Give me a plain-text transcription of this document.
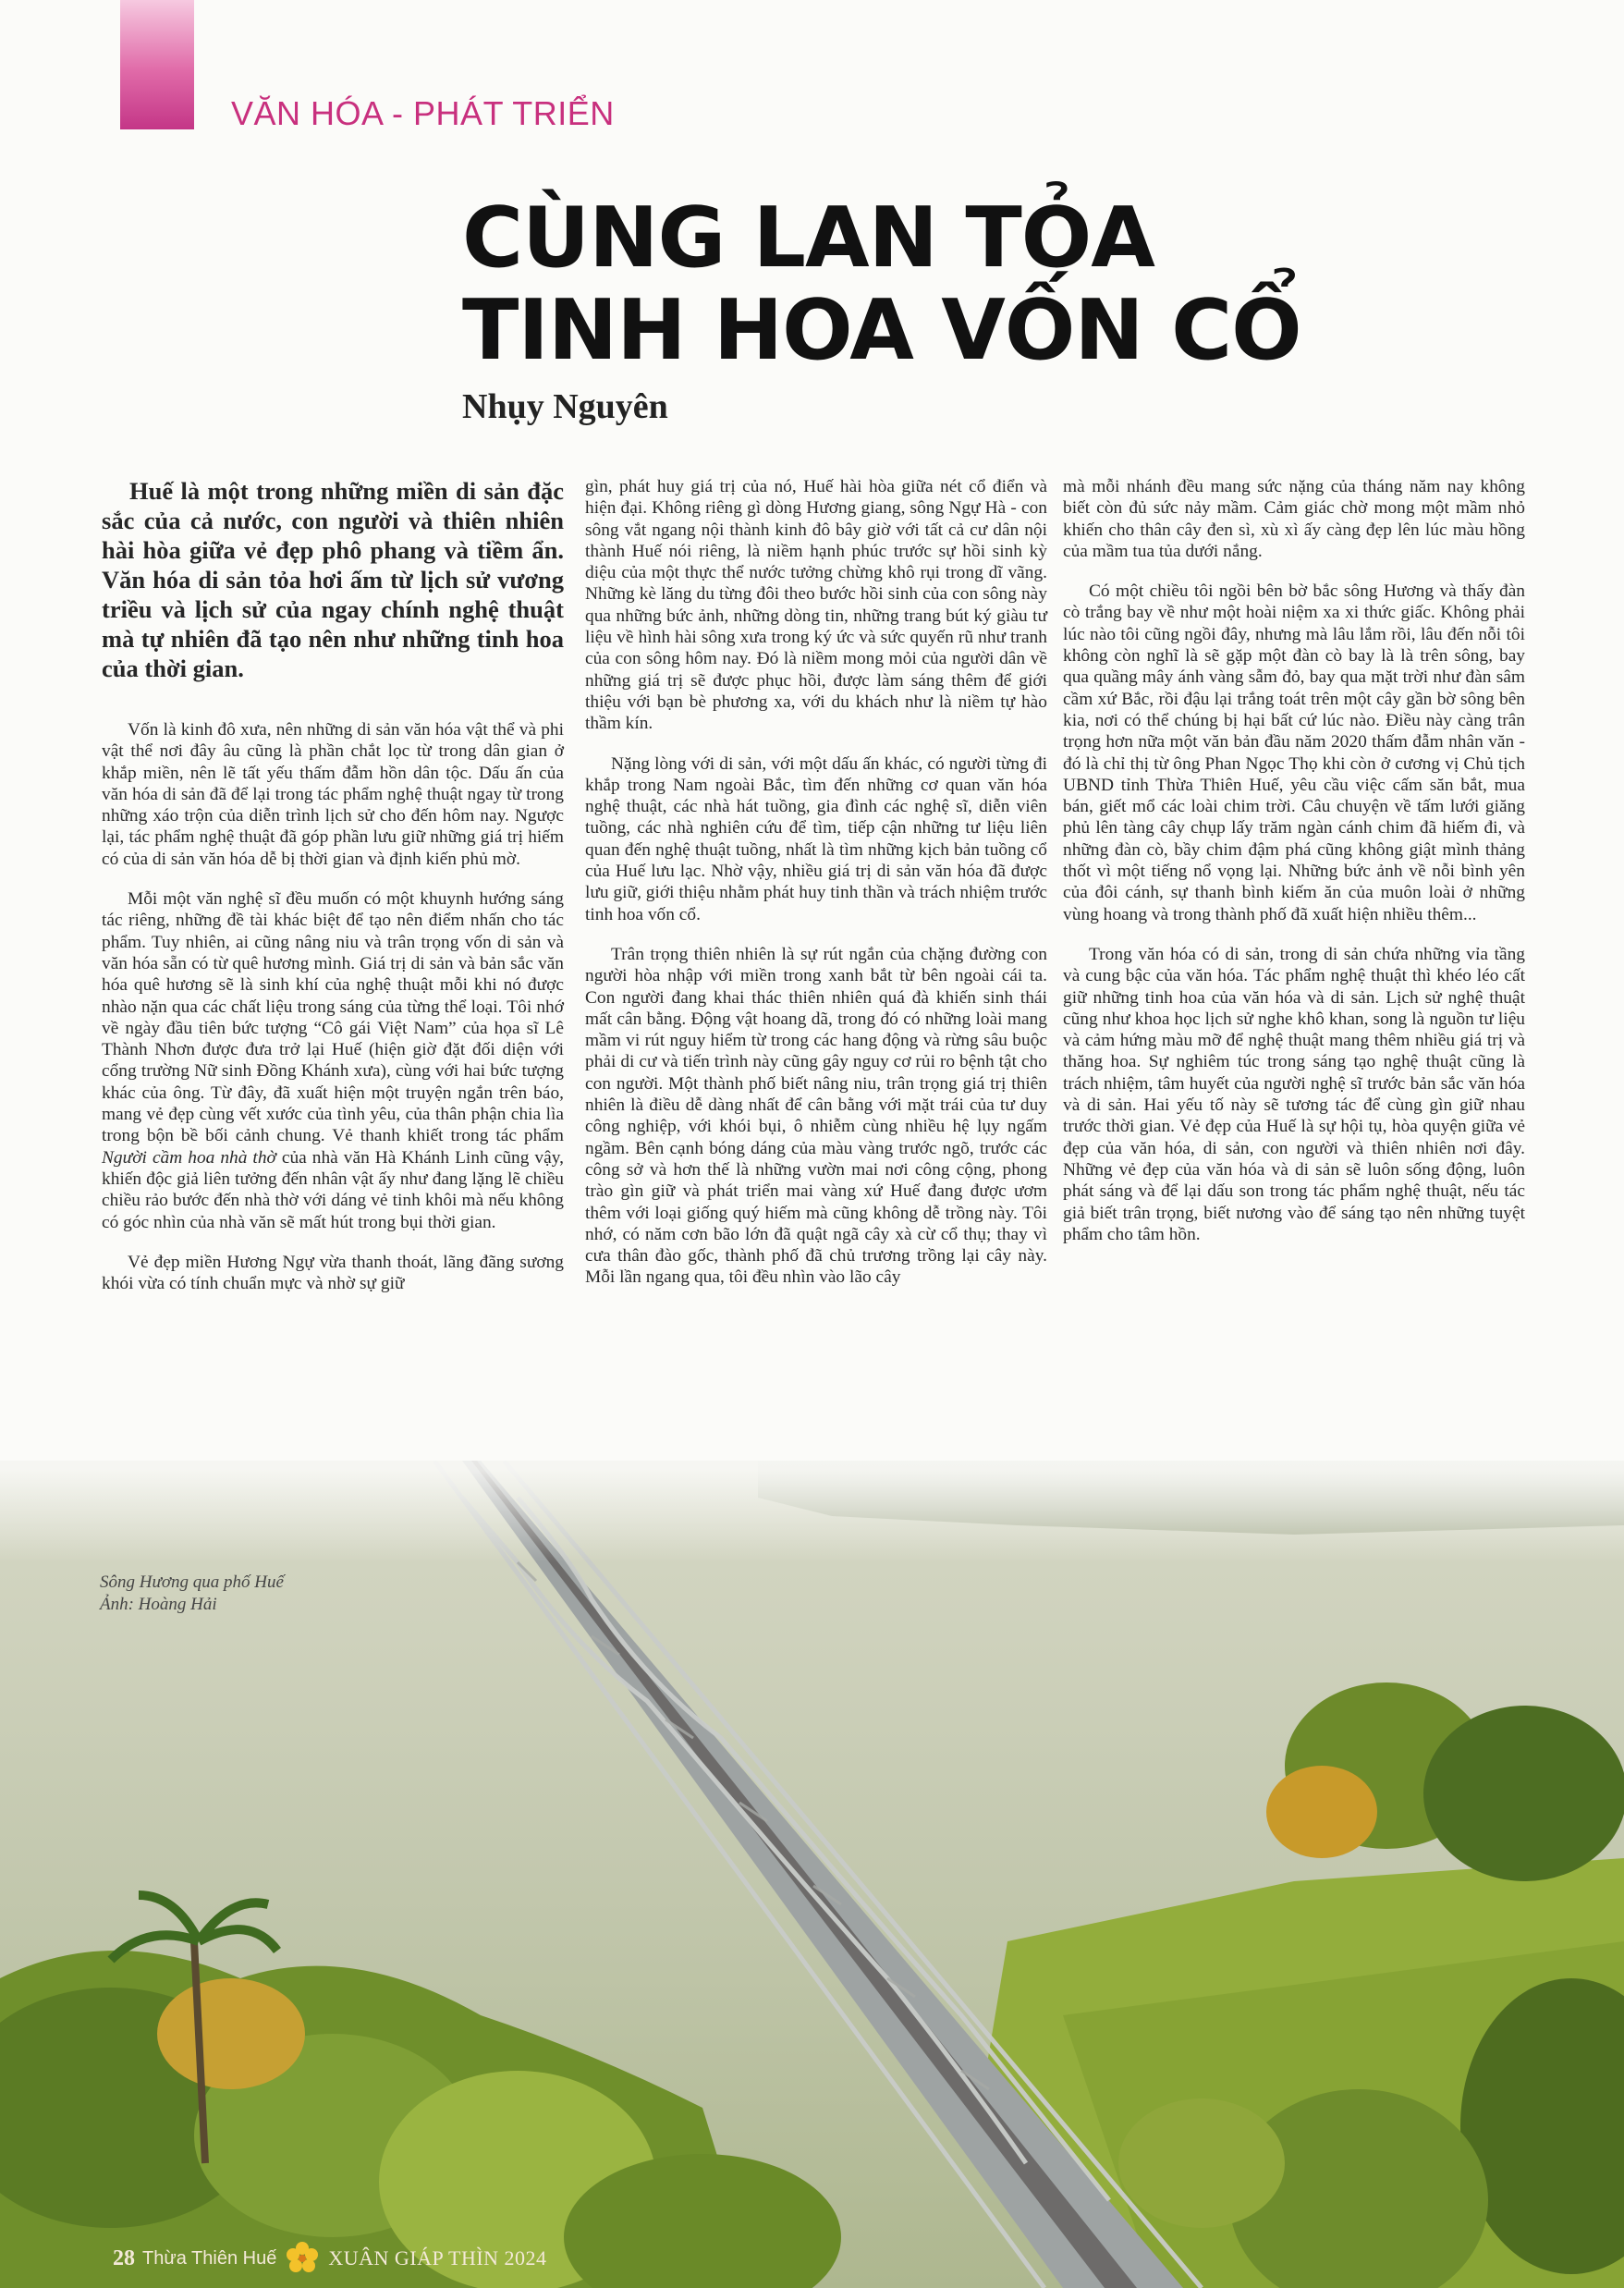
VĂN HÓA - PHÁT TRIỂN
CÙNG LAN TỎA
TINH HOA VỐN CỔ
Nhụy Nguyên

Huế là một trong những miền di sản đặc sắc của cả nước, con người và thiên nhiên hài hòa giữa vẻ đẹp phô phang và tiềm ẩn. Văn hóa di sản tỏa hơi ấm từ lịch sử vương triều và lịch sử của ngay chính nghệ thuật mà tự nhiên đã tạo nên như những tinh hoa của thời gian.

Vốn là kinh đô xưa, nên những di sản văn hóa vật thể và phi vật thể nơi đây âu cũng là phần chắt lọc từ trong dân gian ở khắp miền, nên lẽ tất yếu thấm đẫm hồn dân tộc. Dấu ấn của văn hóa di sản đã để lại trong tác phẩm nghệ thuật ngay từ trong những xáo trộn của diễn trình lịch sử cho đến hôm nay. Ngược lại, tác phẩm nghệ thuật đã góp phần lưu giữ những giá trị hiếm có của di sản văn hóa dễ bị thời gian và định kiến phủ mờ.

Mỗi một văn nghệ sĩ đều muốn có một khuynh hướng sáng tác riêng, những đề tài khác biệt để tạo nên điểm nhấn cho tác phẩm. Tuy nhiên, ai cũng nâng niu và trân trọng vốn di sản và văn hóa sẵn có từ quê hương mình. Giá trị di sản và bản sắc văn hóa quê hương sẽ là sinh khí của nghệ thuật mỗi khi nó được nhào nặn qua các chất liệu trong sáng của từng thể loại. Tôi nhớ về ngày đầu tiên bức tượng “Cô gái Việt Nam” của họa sĩ Lê Thành Nhơn được đưa trở lại Huế (hiện giờ đặt đối diện với cổng trường Nữ sinh Đồng Khánh xưa), cùng với hai bức tượng khác của ông. Từ đây, đã xuất hiện một truyện ngắn trên báo, mang vẻ đẹp cùng vết xước của tình yêu, của thân phận chia lìa trong bộn bề bối cảnh chung. Vẻ thanh khiết trong tác phẩm Người cầm hoa nhà thờ của nhà văn Hà Khánh Linh cũng vậy, khiến độc giả liên tưởng đến nhân vật ấy như đang lặng lẽ chiều chiều rảo bước đến nhà thờ với dáng vẻ tinh khôi mà nếu không có góc nhìn của nhà văn sẽ mất hút trong bụi thời gian.

Vẻ đẹp miền Hương Ngự vừa thanh thoát, lãng đãng sương khói vừa có tính chuẩn mực và nhờ sự giữ

gìn, phát huy giá trị của nó, Huế hài hòa giữa nét cổ điển và hiện đại. Không riêng gì dòng Hương giang, sông Ngự Hà - con sông vắt ngang nội thành kinh đô bây giờ với tất cả cư dân nội thành Huế nói riêng, là niềm hạnh phúc trước sự hồi sinh kỳ diệu của một thực thể nước tưởng chừng khô rụi trong dĩ vãng. Những kè lăng du từng đôi theo bước hồi sinh của con sông này qua những bức ảnh, những dòng tin, những trang bút ký giàu tư liệu về hình hài sông xưa trong ký ức và sức quyến rũ như tranh của con sông hôm nay. Đó là niềm mong mỏi của người dân về những giá trị sẽ được phục hồi, được làm sáng thêm để giới thiệu với bạn bè phương xa, với du khách như là niềm tự hào thầm kín.

Nặng lòng với di sản, với một dấu ấn khác, có người từng đi khắp trong Nam ngoài Bắc, tìm đến những cơ quan văn hóa nghệ thuật, các nhà hát tuồng, gia đình các nghệ sĩ, diễn viên tuồng, các nhà nghiên cứu để tìm, tiếp cận những tư liệu liên quan đến nghệ thuật tuồng, nhất là tìm những kịch bản tuồng cổ của Huế lưu lạc. Nhờ vậy, nhiều giá trị di sản văn hóa đã được lưu giữ, giới thiệu nhằm phát huy tinh thần và trách nhiệm trước tinh hoa vốn cổ.

Trân trọng thiên nhiên là sự rút ngắn của chặng đường con người hòa nhập với miền trong xanh bắt từ bên ngoài cái ta. Con người đang khai thác thiên nhiên quá đà khiến sinh thái mất cân bằng. Động vật hoang dã, trong đó có những loài mang mầm vi rút nguy hiểm từ trong các hang động và rừng sâu buộc phải di cư và tiến trình này cũng gây nguy cơ rủi ro bệnh tật cho con người. Một thành phố biết nâng niu, trân trọng giá trị thiên nhiên là điều dễ dàng nhất để cân bằng với mặt trái của tư duy công nghiệp, với khói bụi, ô nhiễm cùng nhiều hệ lụy ngấm ngầm. Bên cạnh bóng dáng của màu vàng trước ngõ, trước các công sở và hơn thế là những vườn mai nơi công cộng, phong trào gìn giữ và phát triển mai vàng xứ Huế đang được ươm thêm với loại giống quý hiếm mà cũng không dễ trồng này. Tôi nhớ, có năm cơn bão lớn đã quật ngã cây xà cừ cổ thụ; thay vì cưa thân đào gốc, thành phố đã chủ trương trồng lại cây này. Mỗi lần ngang qua, tôi đều nhìn vào lão cây

mà mỗi nhánh đều mang sức nặng của tháng năm nay không biết còn đủ sức nảy mầm. Cảm giác chờ mong một mầm nhỏ khiến cho thân cây đen sì, xù xì ấy càng đẹp lên lúc màu hồng của mầm tua tủa dưới nắng.

Có một chiều tôi ngồi bên bờ bắc sông Hương và thấy đàn cò trắng bay về như một hoài niệm xa xi thức giấc. Không phải lúc nào tôi cũng ngồi đây, nhưng mà lâu lắm rồi, lâu đến nỗi tôi không còn nghĩ là sẽ gặp một đàn cò bay là là trên sông, bay qua quầng mây ánh vàng sẫm đỏ, bay qua mặt trời như đàn sâm cầm xứ Bắc, rồi đậu lại trắng toát trên một cây gần bờ sông bên kia, nơi có thể chúng bị hại bất cứ lúc nào. Điều này càng trân trọng hơn nữa một văn bản đầu năm 2020 thấm đẫm nhân văn - đó là chỉ thị từ ông Phan Ngọc Thọ khi còn ở cương vị Chủ tịch UBND tỉnh Thừa Thiên Huế, yêu cầu việc cấm săn bắt, mua bán, giết mổ các loài chim trời. Câu chuyện về tấm lưới giăng phủ lên tàng cây chụp lấy trăm ngàn cánh chim đã hiếm đi, và những đàn cò, bầy chim đậm phá cũng không giật mình thảng thốt vì một tiếng nổ vọng lại. Những bức ảnh về nỗi bình yên của đôi cánh, sự thanh bình kiếm ăn của muôn loài ở những vùng hoang và trong thành phố đã xuất hiện nhiều thêm...

Trong văn hóa có di sản, trong di sản chứa những vỉa tầng và cung bậc của văn hóa. Tác phẩm nghệ thuật thì khéo léo cất giữ những tinh hoa của văn hóa và di sản. Lịch sử nghệ thuật cũng như khoa học lịch sử nghe khô khan, song là nguồn tư liệu và cảm hứng màu mỡ để nghệ thuật mang thêm nhiều giá trị và thăng hoa. Sự nghiêm túc trong sáng tạo nghệ thuật cũng là trách nhiệm, tâm huyết của người nghệ sĩ trước bản sắc văn hóa và di sản. Hai yếu tố này sẽ tương tác để cùng gìn giữ nhau trước thời gian. Vẻ đẹp của Huế là sự hội tụ, hòa quyện giữa vẻ đẹp của văn hóa, di sản, con người và thiên nhiên nơi đây. Những vẻ đẹp của văn hóa và di sản sẽ luôn sống động, luôn phát sáng và để lại dấu son trong tác phẩm nghệ thuật, nếu tác giả biết trân trọng, biết nương vào để sáng tạo nên những tuyệt phẩm cho tâm hồn.

Sông Hương qua phố Huế
Ảnh: Hoàng Hải
28 Thừa Thiên Huế	XUÂN GIÁP THÌN 2024
